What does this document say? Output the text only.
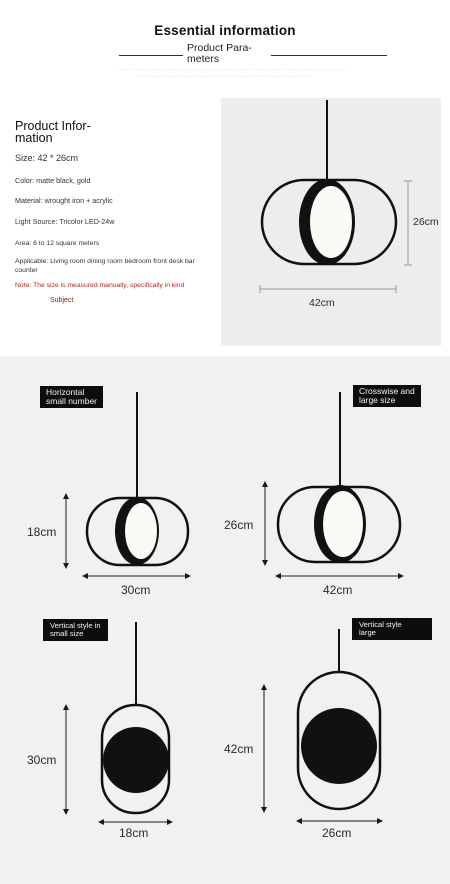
Essential information
Product Para-
meters
·································································································································
·································································································
Product Infor-
mation
Size: 42 * 26cm
Color: matte black, gold
Material: wrought iron + acrylic
Light Source: Tricolor LED-24w
Area: 6 to 12 square meters
Applicable: Living room dining room bedroom front desk bar counter
Note: The size is measured manually, specifically in kind
Subject
26cm
42cm
Horizontal
small number
Crosswise and
large size
Vertical style in
small size
Vertical style
large
18cm
30cm
26cm
42cm
30cm
18cm
42cm
26cm
